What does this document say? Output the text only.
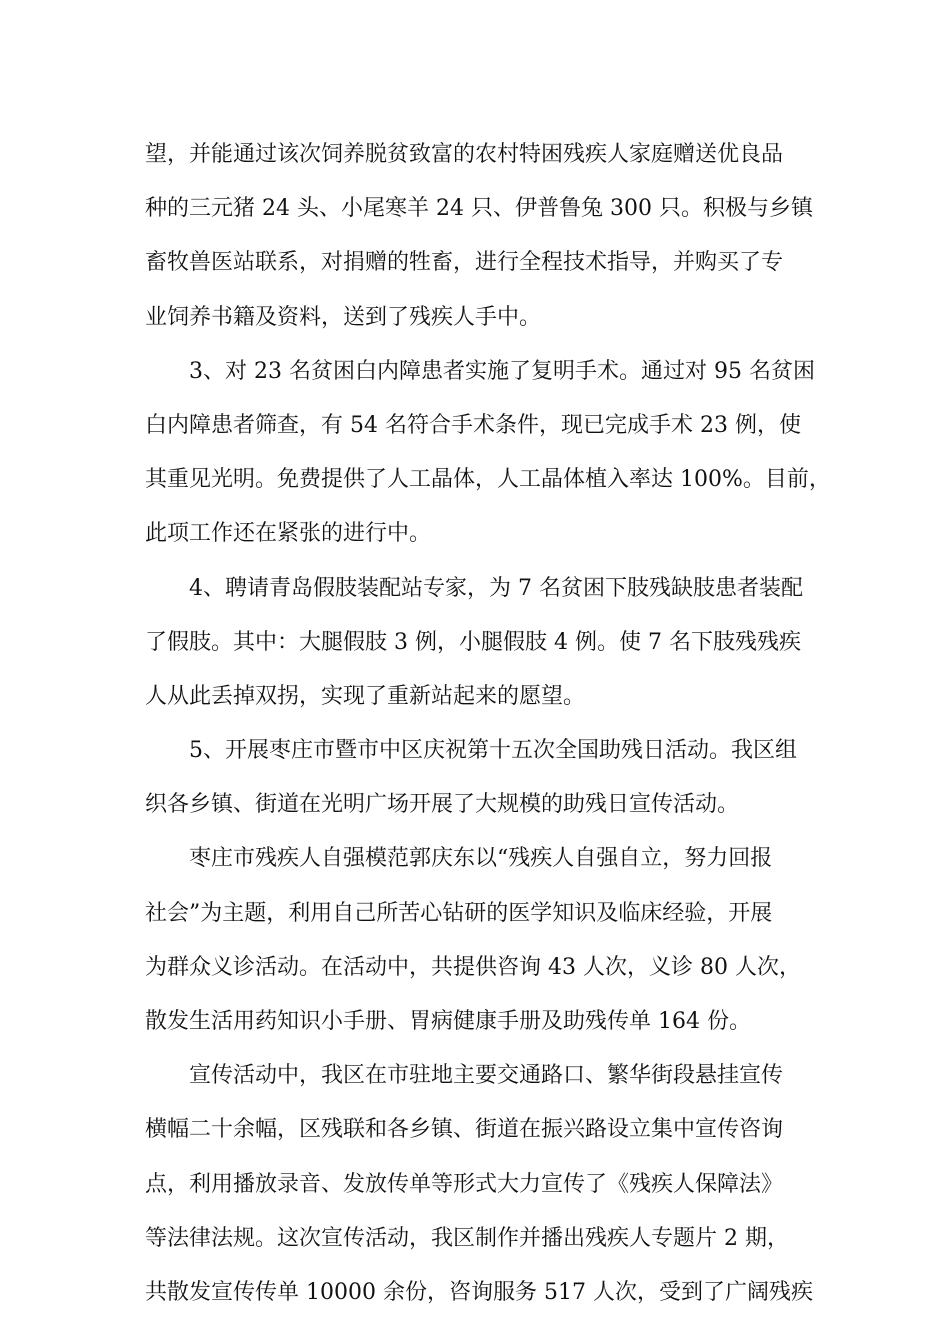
望，并能通过该次饲养脱贫致富的农村特困残疾人家庭赠送优良品
种的三元猪 24 头、小尾寒羊 24 只、伊普鲁兔 300 只。积极与乡镇
畜牧兽医站联系，对捐赠的牲畜，进行全程技术指导，并购买了专
业饲养书籍及资料，送到了残疾人手中。
3、对 23 名贫困白内障患者实施了复明手术。通过对 95 名贫困
白内障患者筛查，有 54 名符合手术条件，现已完成手术 23 例，使
其重见光明。免费提供了人工晶体，人工晶体植入率达 100%。目前，
此项工作还在紧张的进行中。
4、聘请青岛假肢装配站专家，为 7 名贫困下肢残缺肢患者装配
了假肢。其中：大腿假肢 3 例，小腿假肢 4 例。使 7 名下肢残残疾
人从此丢掉双拐，实现了重新站起来的愿望。
5、开展枣庄市暨市中区庆祝第十五次全国助残日活动。我区组
织各乡镇、街道在光明广场开展了大规模的助残日宣传活动。
枣庄市残疾人自强模范郭庆东以“残疾人自强自立，努力回报
社会”为主题，利用自己所苦心钻研的医学知识及临床经验，开展
为群众义诊活动。在活动中，共提供咨询 43 人次，义诊 80 人次，
散发生活用药知识小手册、胃病健康手册及助残传单 164 份。
宣传活动中，我区在市驻地主要交通路口、繁华街段悬挂宣传
横幅二十余幅，区残联和各乡镇、街道在振兴路设立集中宣传咨询
点，利用播放录音、发放传单等形式大力宣传了《残疾人保障法》
等法律法规。这次宣传活动，我区制作并播出残疾人专题片 2 期，
共散发宣传传单 10000 余份，咨询服务 517 人次，受到了广阔残疾
